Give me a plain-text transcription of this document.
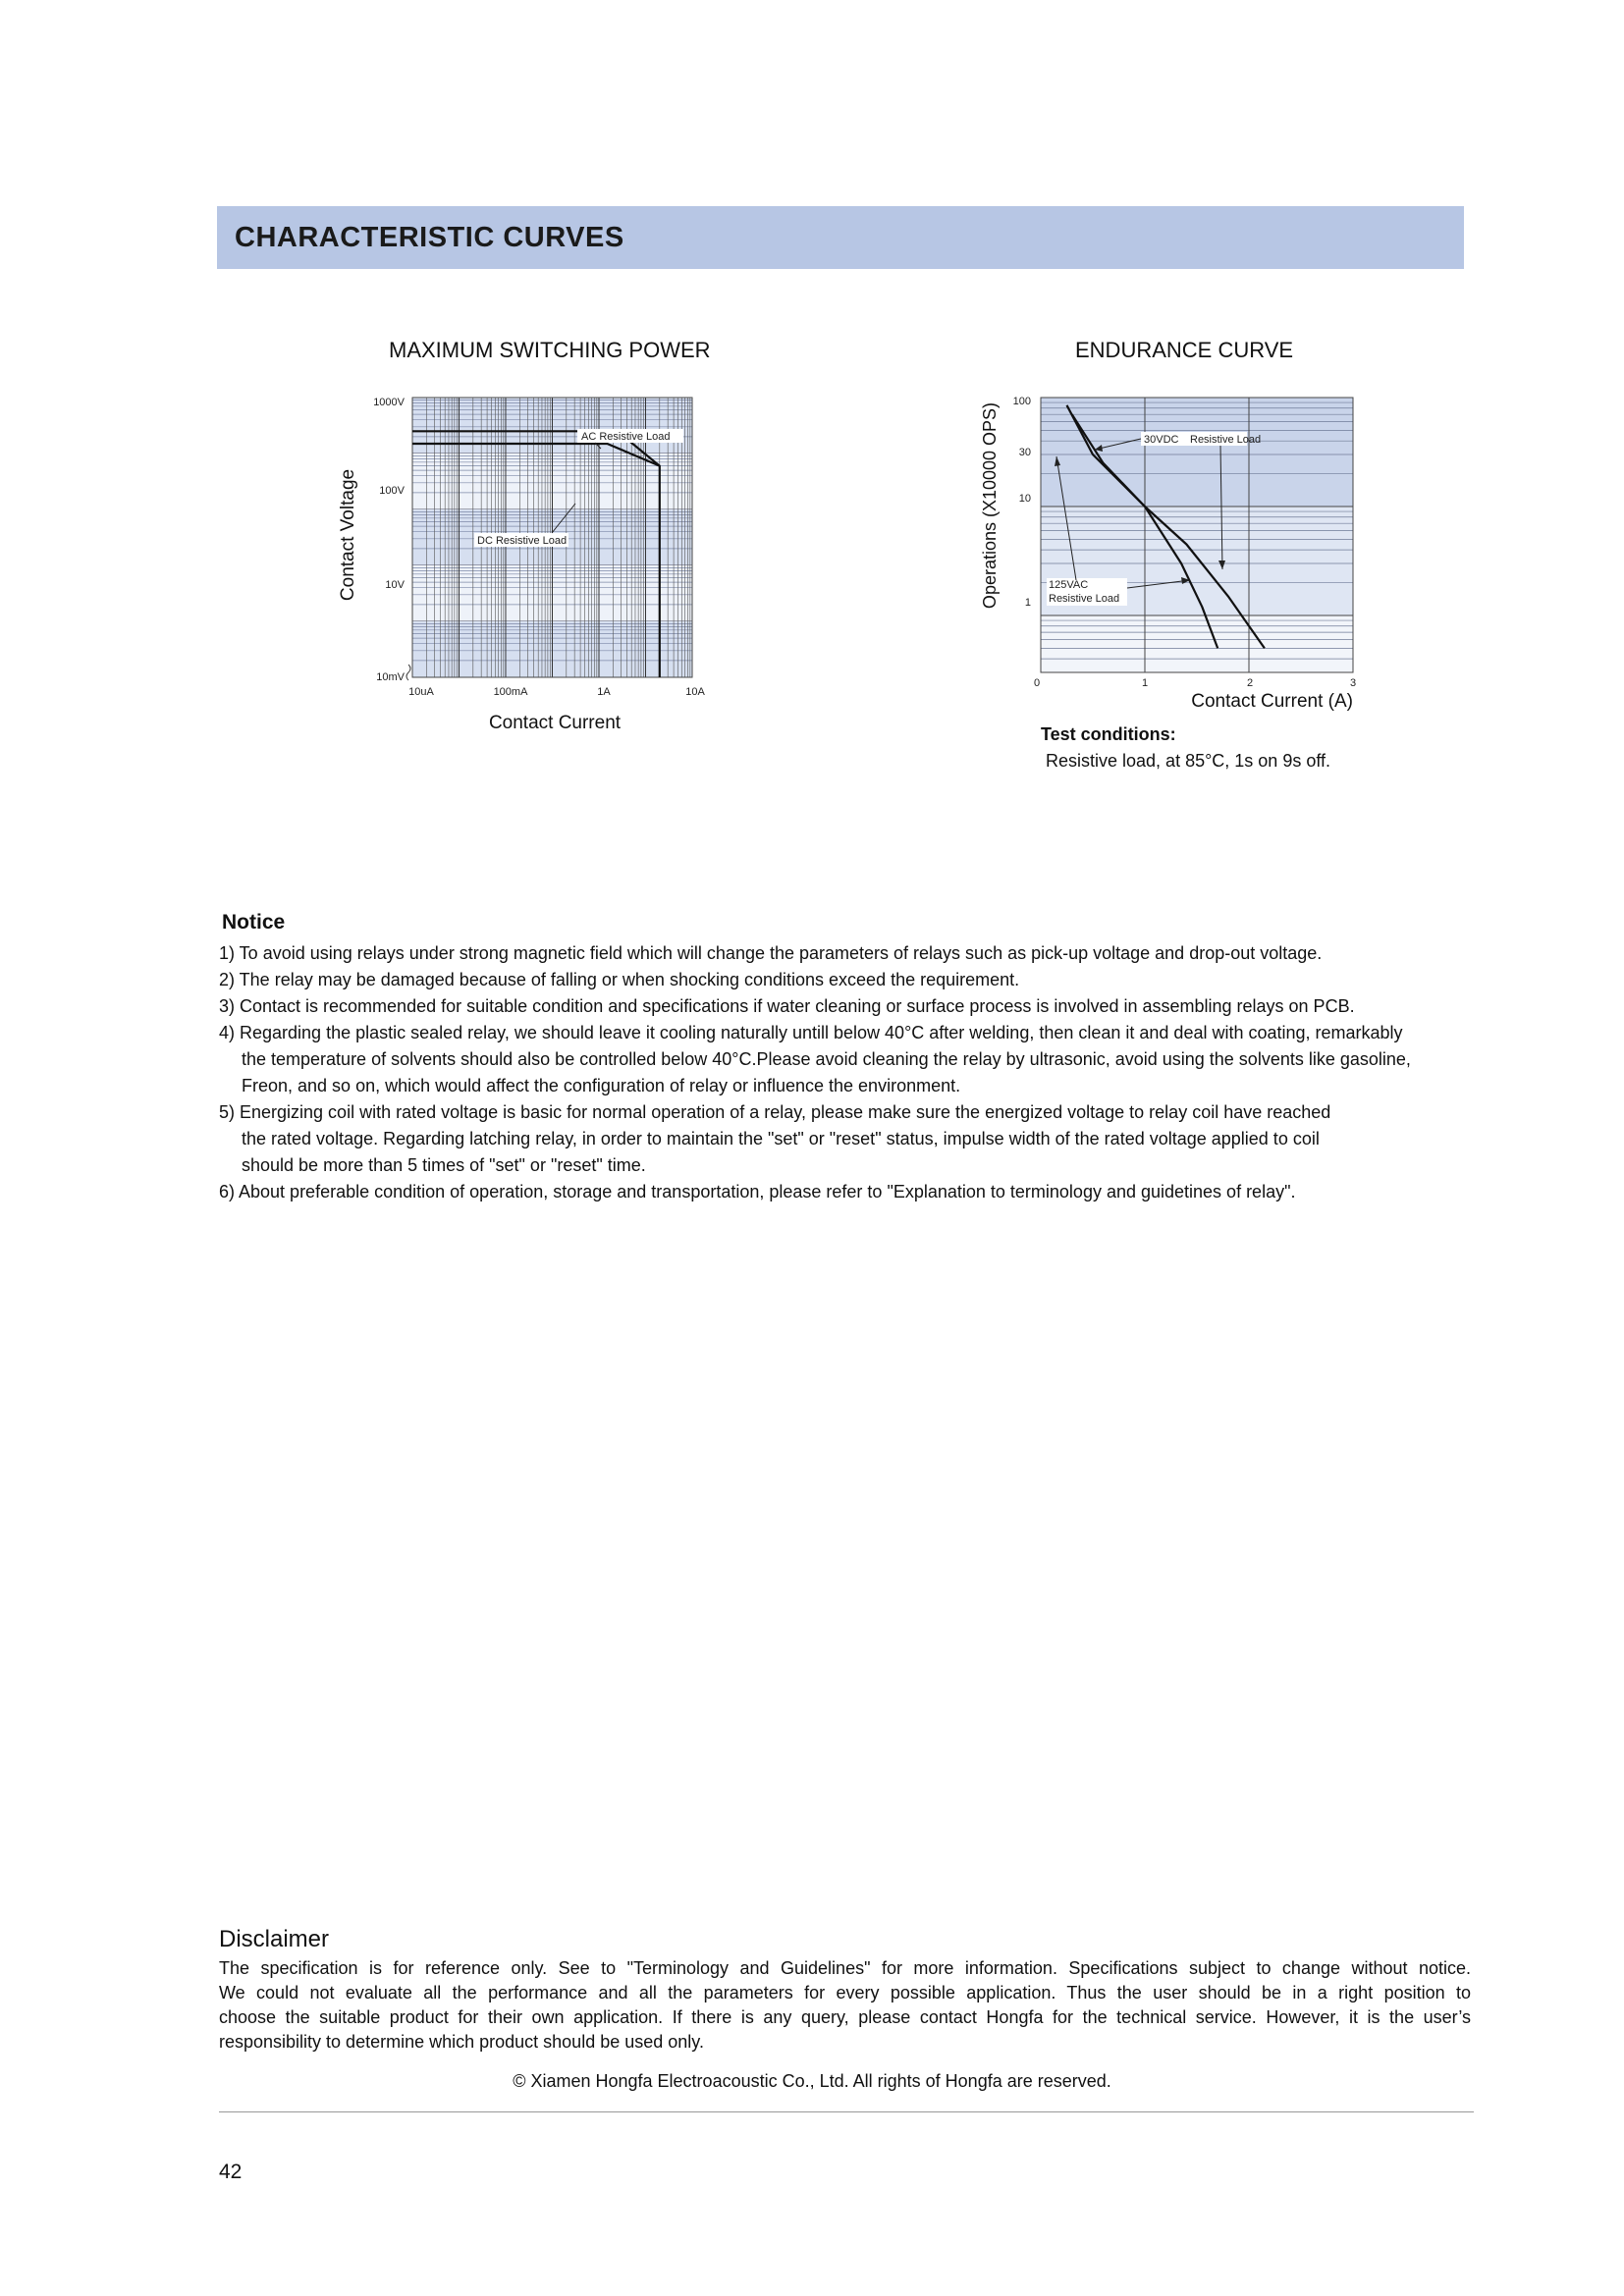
CHARACTERISTIC CURVES
MAXIMUM SWITCHING POWER
1000V
100V
10V
10mV
10uA	100mA	1A	10A
Contact Current
Contact Voltage
AC Resistive Load
DC Resistive Load
ENDURANCE CURVE
100
30
10
1
0	1	2	3
Contact Current (A)
Operations (X10000 OPS)	30VDC Resistive Load
125VAC
Resistive Load
Test conditions:
Resistive load, at 85°C, 1s on 9s off.
Notice
1) To avoid using relays under strong magnetic field which will change the parameters of relays such as pick-up voltage and drop-out voltage.
2) The relay may be damaged because of falling or when shocking conditions exceed the requirement.
3) Contact is recommended for suitable condition and specifications if water cleaning or surface process is involved in assembling relays on PCB.
4) Regarding the plastic sealed relay, we should leave it cooling naturally untill below 40°C after welding, then clean it and deal with coating, remarkably
the temperature of solvents should also be controlled below 40°C.Please avoid cleaning the relay by ultrasonic, avoid using the solvents like gasoline,
Freon, and so on, which would affect the configuration of relay or influence the environment.
5) Energizing coil with rated voltage is basic for normal operation of a relay, please make sure the energized voltage to relay coil have reached
the rated voltage. Regarding latching relay, in order to maintain the "set" or "reset" status, impulse width of the rated voltage applied to coil
should be more than 5 times of "set" or "reset" time.
6) About preferable condition of operation, storage and transportation, please refer to "Explanation to terminology and guidetines of relay".
Disclaimer
The specification is for reference only. See to "Terminology and Guidelines" for more information. Specifications subject to change without notice.
We could not evaluate all the performance and all the parameters for every possible application. Thus the user should be in a right position to
choose the suitable product for their own application. If there is any query, please contact Hongfa for the technical service. However, it is the user’s
responsibility to determine which product should be used only.
© Xiamen Hongfa Electroacoustic Co., Ltd. All rights of Hongfa are reserved.
42
